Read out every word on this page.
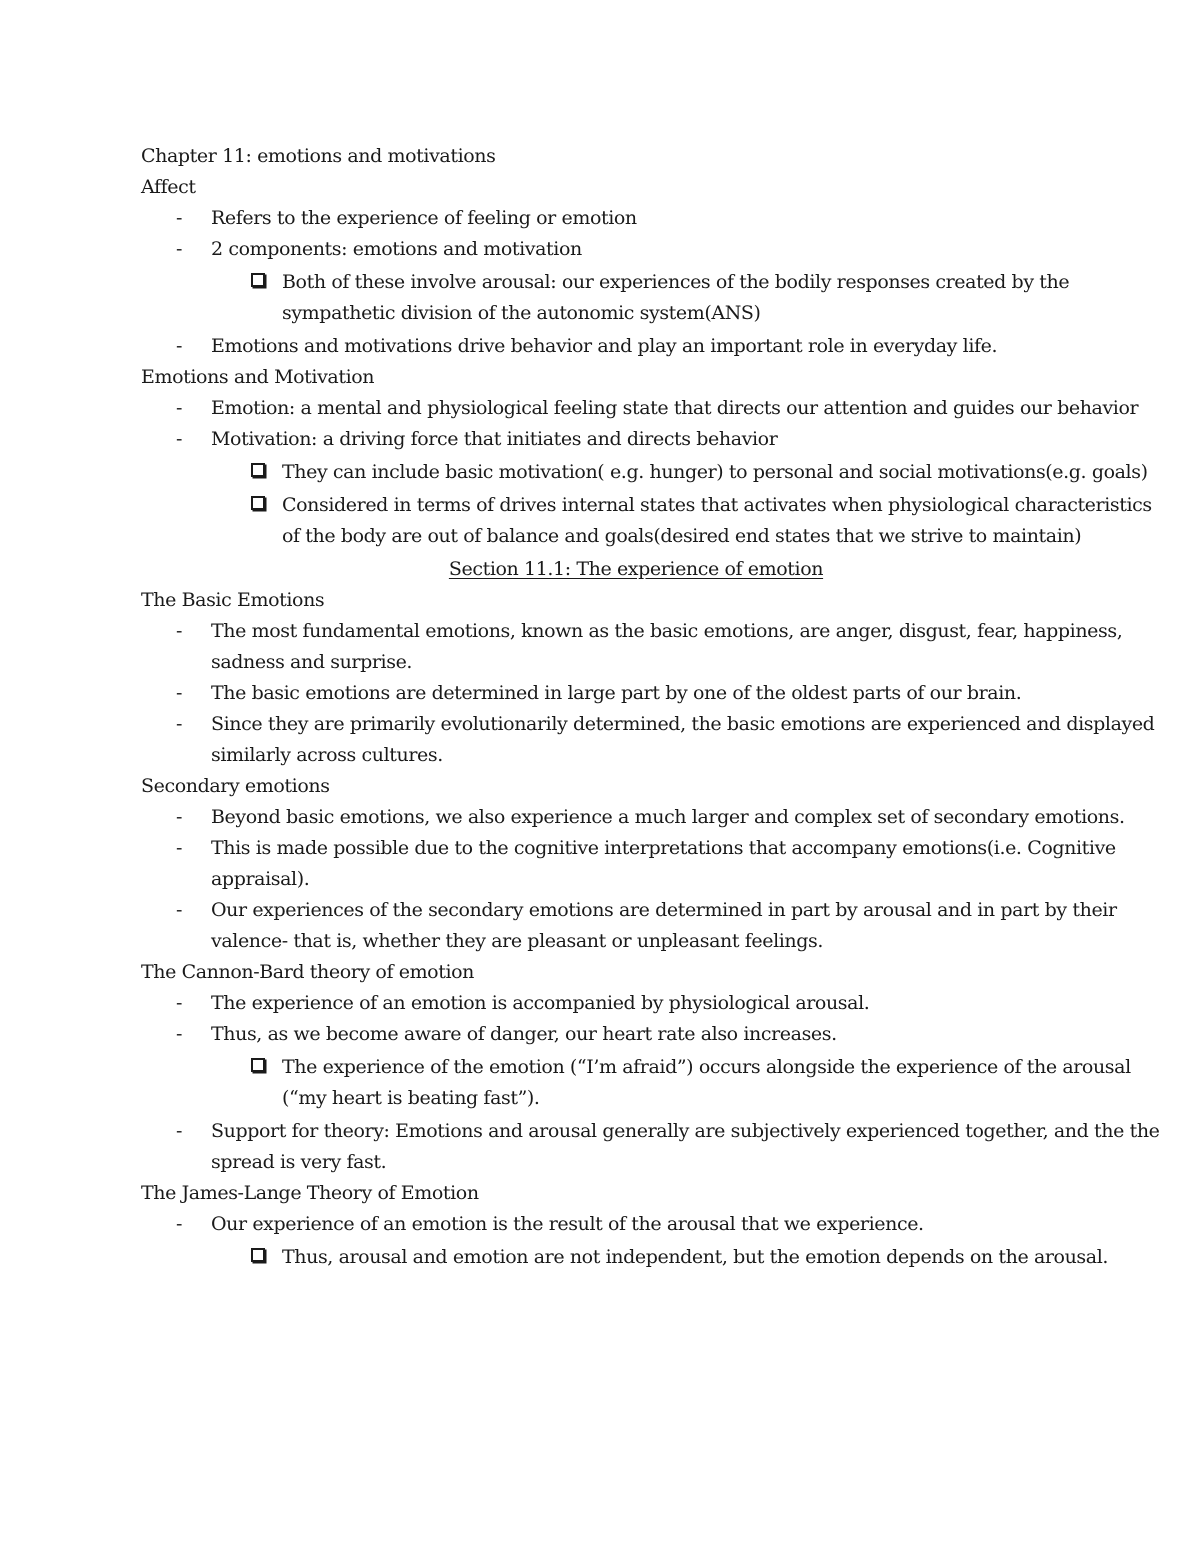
Chapter 11: emotions and motivations

Affect

- Refers to the experience of feeling or emotion

- 2 components: emotions and motivation

Both of these involve arousal: our experiences of the bodily responses created by the sympathetic division of the autonomic system(ANS)

- Emotions and motivations drive behavior and play an important role in everyday life.

Emotions and Motivation

- Emotion: a mental and physiological feeling state that directs our attention and guides our behavior

- Motivation: a driving force that initiates and directs behavior

They can include basic motivation( e.g. hunger) to personal and social motivations(e.g. goals)

Considered in terms of drives internal states that activates when physiological characteristics of the body are out of balance and goals(desired end states that we strive to maintain)

Section 11.1: The experience of emotion

The Basic Emotions

- The most fundamental emotions, known as the basic emotions, are anger, disgust, fear, happiness, sadness and surprise.

- The basic emotions are determined in large part by one of the oldest parts of our brain.

- Since they are primarily evolutionarily determined, the basic emotions are experienced and displayed similarly across cultures.

Secondary emotions

- Beyond basic emotions, we also experience a much larger and complex set of secondary emotions.

- This is made possible due to the cognitive interpretations that accompany emotions(i.e. Cognitive appraisal).

- Our experiences of the secondary emotions are determined in part by arousal and in part by their valence- that is, whether they are pleasant or unpleasant feelings.

The Cannon-Bard theory of emotion

- The experience of an emotion is accompanied by physiological arousal.

- Thus, as we become aware of danger, our heart rate also increases.

The experience of the emotion (“I’m afraid”) occurs alongside the experience of the arousal (“my heart is beating fast”).

- Support for theory: Emotions and arousal generally are subjectively experienced together, and the the spread is very fast.

The James-Lange Theory of Emotion

- Our experience of an emotion is the result of the arousal that we experience.

Thus, arousal and emotion are not independent, but the emotion depends on the arousal.
